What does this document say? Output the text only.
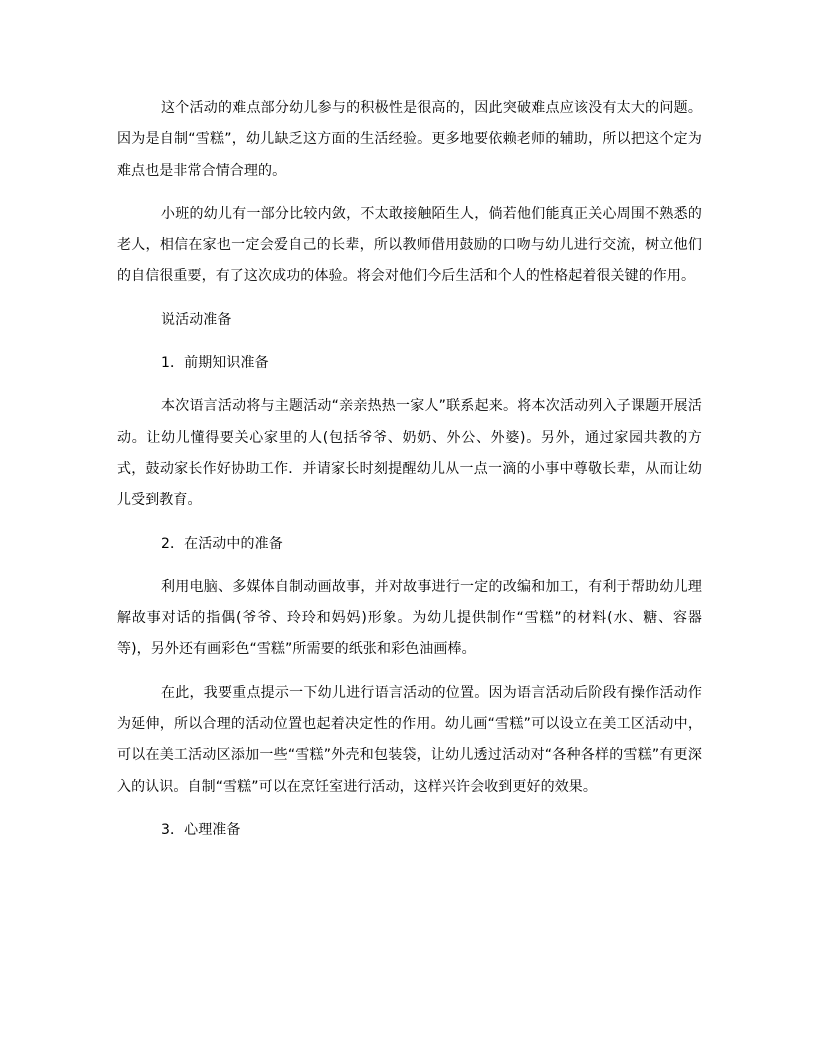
这个活动的难点部分幼儿参与的积极性是很高的，因此突破难点应该没有太大的问题。因为是自制“雪糕”，幼儿缺乏这方面的生活经验。更多地要依赖老师的辅助，所以把这个定为难点也是非常合情合理的。

小班的幼儿有一部分比较内敛，不太敢接触陌生人，倘若他们能真正关心周围不熟悉的老人，相信在家也一定会爱自己的长辈，所以教师借用鼓励的口吻与幼儿进行交流，树立他们的自信很重要，有了这次成功的体验。将会对他们今后生活和个人的性格起着很关键的作用。

说活动准备

1．前期知识准备

本次语言活动将与主题活动“亲亲热热一家人”联系起来。将本次活动列入子课题开展活动。让幼儿懂得要关心家里的人(包括爷爷、奶奶、外公、外婆)。另外，通过家园共教的方式，鼓动家长作好协助工作．并请家长时刻提醒幼儿从一点一滴的小事中尊敬长辈，从而让幼儿受到教育。

2．在活动中的准备

利用电脑、多媒体自制动画故事，并对故事进行一定的改编和加工，有利于帮助幼儿理解故事对话的指偶(爷爷、玲玲和妈妈)形象。为幼儿提供制作“雪糕”的材料(水、糖、容器等)，另外还有画彩色“雪糕”所需要的纸张和彩色油画棒。

在此，我要重点提示一下幼儿进行语言活动的位置。因为语言活动后阶段有操作活动作为延伸，所以合理的活动位置也起着决定性的作用。幼儿画“雪糕”可以设立在美工区活动中，可以在美工活动区添加一些“雪糕”外壳和包装袋，让幼儿透过活动对“各种各样的雪糕”有更深入的认识。自制“雪糕”可以在烹饪室进行活动，这样兴许会收到更好的效果。

3．心理准备
